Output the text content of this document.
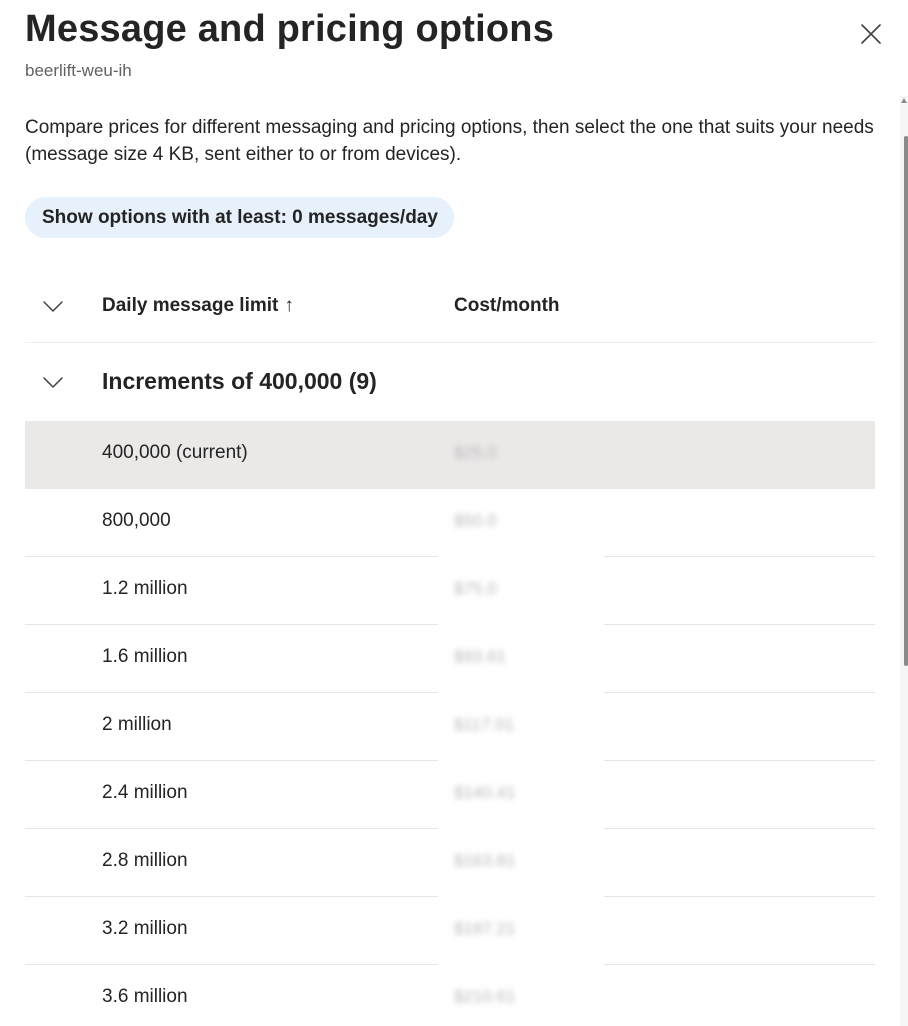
Message and pricing options
beerlift-weu-ih
Compare prices for different messaging and pricing options, then select the one that suits your needs (message size 4 KB, sent either to or from devices).
Show options with at least: 0 messages/day
Daily message limit ↑	Cost/month
Increments of 400,000 (9)
400,000 (current)	$25.0
800,000	$50.0
1.2 million	$75.0
1.6 million	$93.61
2 million	$117.01
2.4 million	$140.41
2.8 million	$163.81
3.2 million	$187.21
3.6 million	$210.61
